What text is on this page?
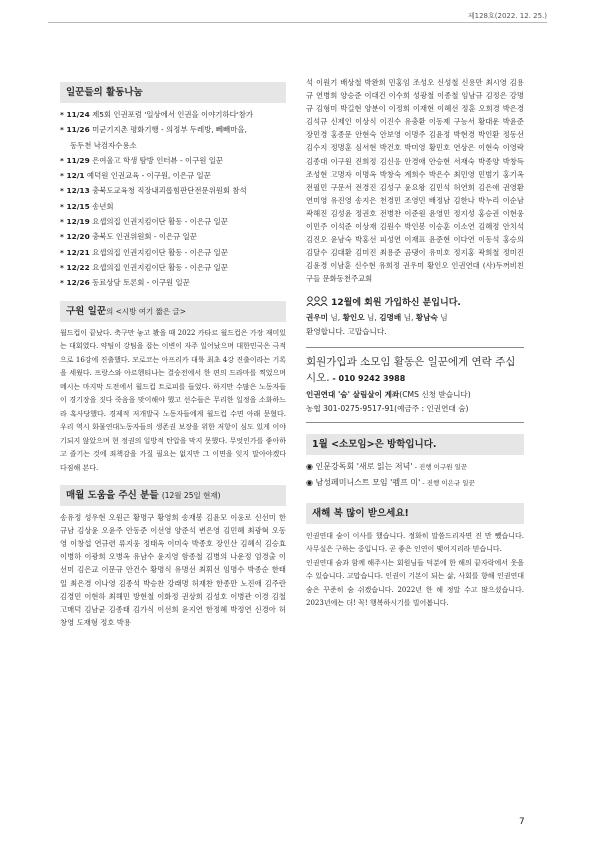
제128호(2022. 12. 25.)
일꾼들의 활동나눔
* 11/24 제5회 인권포럼 '일상에서 인권을 이야기하다'참가
* 11/26 미군기지촌 평화기행 - 의정부 두레방, 뻬빼마을,
동두천 낙검자수용소
* 11/29 은여울고 학생 탐방 인터뷰 - 이구원 일꾼
* 12/1 예덕원 인권교육 - 이구원, 이은규 일꾼
* 12/13 충북도교육청 직장내괴롭힘판단전문위원회 참석
* 12/15 송년회
* 12/19 요셉의집 인권지킴이단 활동 - 이은규 일꾼
* 12/20 충북도 인권위원회 - 이은규 일꾼
* 12/21 요셉의집 인권지킴이단 활동 - 이은규 일꾼
* 12/22 요셉의집 인권지킴이단 활동 - 이은규 일꾼
* 12/26 동료상담 토론회 - 이구원 일꾼
구원 일꾼의 <시방 여기 짧은 글>

월드컵이 끝났다. 축구만 놓고 봤을 때 2022 카타르 월드컵은 가장 재미있는 대회였다. 약팀이 강팀을 잡는 이변이 자주 일어났으며 대한민국은 극적으로 16강에 진출했다. 모로코는 아프리카 대륙 최초 4강 진출이라는 기록을 세웠다. 프랑스와 아르헨티나는 결승전에서 한 편의 드라마를 찍었으며 메시는 마지막 도전에서 월드컵 트로피를 들었다. 하지만 수많은 노동자들이 경기장을 짓다 죽음을 맞이해야 했고 선수들은 무리한 일정을 소화하느라 혹사당했다. 경제적 저개발국 노동자들에게 월드컵 수면 아래 문혔다. 우리 역시 화물연대노동자들의 생존권 보장을 위한 저항이 심도 있게 이야기되지 않았으며 현 정권의 일방적 탄압을 막지 못했다. 무엇인가를 좋아하고 즐기는 것에 죄책감을 가질 필요는 없지만 그 이면을 잊지 말아야겠다 다짐해 본다.

매월 도움을 주신 분들 (12월 25일 현재)

송유정 성우현 오원근 황명구 황영희 송재봉 김윤모 이웅로 신선미 한규남 김상윤 오윤주 안동준 이선영 양준석 변은영 김민혜 최광혁 오동영 이창섭 연규련 류지웅 정태옥 이미숙 박종호 장인산 김혜식 김승효 이병하 이광희 오병옥 유남수 윤지영 함종철 김병의 나운정 엄경출 이선미 김은교 이문규 안건수 황명식 유명선 최휘선 임명수 박종순 한태일 최은경 이나영 김종석 박승찬 강래명 허재찬 한종만 노진애 김주란 김경민 이현하 최해민 방현철 이화정 권상희 김성호 이병관 이경 김철 고매덕 김남균 김종태 김가식 이선희 윤지연 한정혜 박정연 신경아 허창영 도재형 정호 박용

석 이원기 배상철 박완희 민홍임 조성오 신성철 신용만 최시영 김용규 연병희 양승준 이대건 이수희 성광철 이종철 임남규 김정은 강명규 김형미 박길현 양분이 이정희 이재현 이혜선 정훈 오희경 박은경 김석규 신제인 이상식 이진수 유충환 이동제 구능서 황대운 박윤준 장민경 홍종문 안현숙 안보영 이명주 김윤정 박현경 박인환 정동선 김수지 정명훈 심서현 박건호 박미영 황민호 연상은 이현숙 이영락 김종대 이구원 진희정 김신응 안경애 안승현 서재숙 박종양 박창득 조성현 고명자 이명옥 박창숙 계희수 박은수 최민영 민범기 홍기옥 전필민 구문서 전경진 김성구 윤요왕 김민석 허연희 김은애 권영환 연미영 유진영 송지은 천경민 조영민 배정남 김한나 박누리 이순남 곽해진 김성윤 정권호 전병찬 이준원 윤영민 정지성 홍승권 이현웅 이민주 이석준 이상재 김원수 박인봉 이승훈 이소연 김혜정 안치석 김진오 윤남숙 박홍선 피성연 이재표 윤준현 이다연 이동석 홍승의 김달수 김대환 김미진 최용준 곰댕이 유미호 정지홍 곽희철 정미진 김윤경 이남훈 신수현 유희정 권우미 황인오 인권연대 (사)두꺼비친구들 문화동천주교회

12월에 회원 가입하신 분입니다.

권우미 님, 황인오 님, 김명배 님, 황남숙 님
환영합니다. 고맙습니다.

회원가입과 소모임 활동은 일꾼에게 연락 주십시오. - 010 9242 3988
인권연대 '숨' 살림살이 계좌(CMS 신청 받습니다)
농협 301-0275-9517-91(예금주 : 인권연대 숨)
1월 <소모임>은 방학입니다.
◉ 인문강독회 '새로 읽는 저녁' - 진행 이구원 일꾼
◉ 남성페미니스트 모임 '펨프 미' - 진행 이은규 일꾼
새해 복 많이 받으세요!

인권연대 숨이 이사를 했습니다. 정화히 말씀드리자면 진 만 뺐습니다. 사무실은 구하는 중입니다. 곧 좋은 인연이 맺어지리라 믿습니다.

인권연대 숨과 함께 해주시는 회원님들 덕분에 한 해의 끝자락에서 웃을 수 있습니다. 고맙습니다. 인권이 기본이 되는 삶, 사회를 향해 인권연대 숨은 꾸준히 숨 쉬겠습니다. 2022년 한 해 정말 수고 많으셨습니다. 2023년에는 더! 꼭! 행복하시기를 빌어봅니다.

7
